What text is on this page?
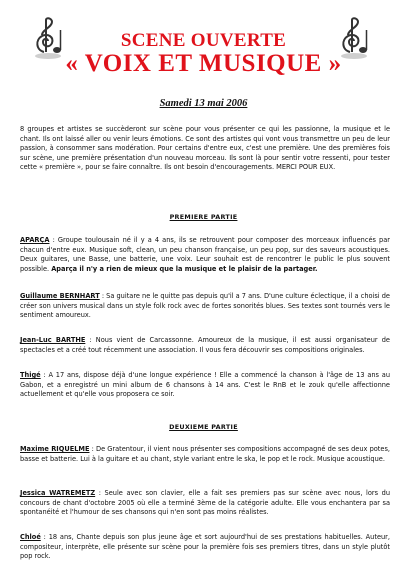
SCENE OUVERTE
« VOIX ET MUSIQUE »
Samedi 13 mai 2006
8 groupes et artistes se succèderont sur scène pour vous présenter ce qui les passionne, la musique et le chant. Ils ont laissé aller ou venir leurs émotions. Ce sont des artistes qui vont vous transmettre un peu de leur passion, à consommer sans modération. Pour certains d'entre eux, c'est une première. Une des premières fois sur scène, une première présentation d'un nouveau morceau. Ils sont là pour sentir votre ressenti, pour tester cette « première », pour se faire connaître. Ils ont besoin d'encouragements. MERCI POUR EUX.
PREMIERE PARTIE
APARÇA : Groupe toulousain né il y a 4 ans, ils se retrouvent pour composer des morceaux influencés par chacun d'entre eux. Musique soft, clean, un peu chanson française, un peu pop, sur des saveurs acoustiques. Deux guitares, une Basse, une batterie, une voix. Leur souhait est de rencontrer le public le plus souvent possible. Aparça il n'y a rien de mieux que la musique et le plaisir de la partager.
Guillaume BERNHART : Sa guitare ne le quitte pas depuis qu'il a 7 ans. D'une culture éclectique, il a choisi de créer son univers musical dans un style folk rock avec de fortes sonorités blues. Ses textes sont tournés vers le sentiment amoureux.
Jean-Luc BARTHE : Nous vient de Carcassonne. Amoureux de la musique, il est aussi organisateur de spectacles et a créé tout récemment une association. Il vous fera découvrir ses compositions originales.
Thigé : A 17 ans, dispose déjà d'une longue expérience ! Elle a commencé la chanson à l'âge de 13 ans au Gabon, et a enregistré un mini album de 6 chansons à 14 ans. C'est le RnB et le zouk qu'elle affectionne actuellement et qu'elle vous proposera ce soir.
DEUXIEME PARTIE
Maxime RIQUELME : De Gratentour, il vient nous présenter ses compositions accompagné de ses deux potes, basse et batterie. Lui à la guitare et au chant, style variant entre le ska, le pop et le rock. Musique acoustique.
Jessica WATREMETZ : Seule avec son clavier, elle a fait ses premiers pas sur scène avec nous, lors du concours de chant d'octobre 2005 où elle a terminé 3ème de la catégorie adulte. Elle vous enchantera par sa spontanéité et l'humour de ses chansons qui n'en sont pas moins réalistes.
Chloé : 18 ans, Chante depuis son plus jeune âge et sort aujourd'hui de ses prestations habituelles. Auteur, compositeur, interprète, elle présente sur scène pour la première fois ses premiers titres, dans un style plutôt pop rock.
